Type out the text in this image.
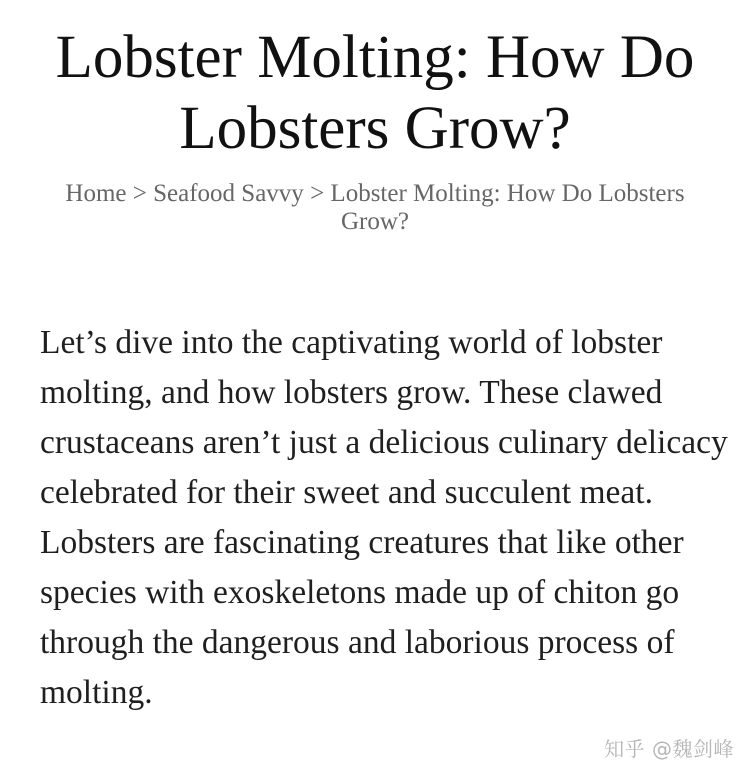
Lobster Molting: How Do Lobsters Grow?
Home > Seafood Savvy > Lobster Molting: How Do Lobsters Grow?

Let’s dive into the captivating world of lobster molting, and how lobsters grow. These clawed crustaceans aren’t just a delicious culinary delicacy celebrated for their sweet and succulent meat. Lobsters are fascinating creatures that like other species with exoskeletons made up of chiton go through the dangerous and laborious process of molting.

知乎 @魏剑峰
